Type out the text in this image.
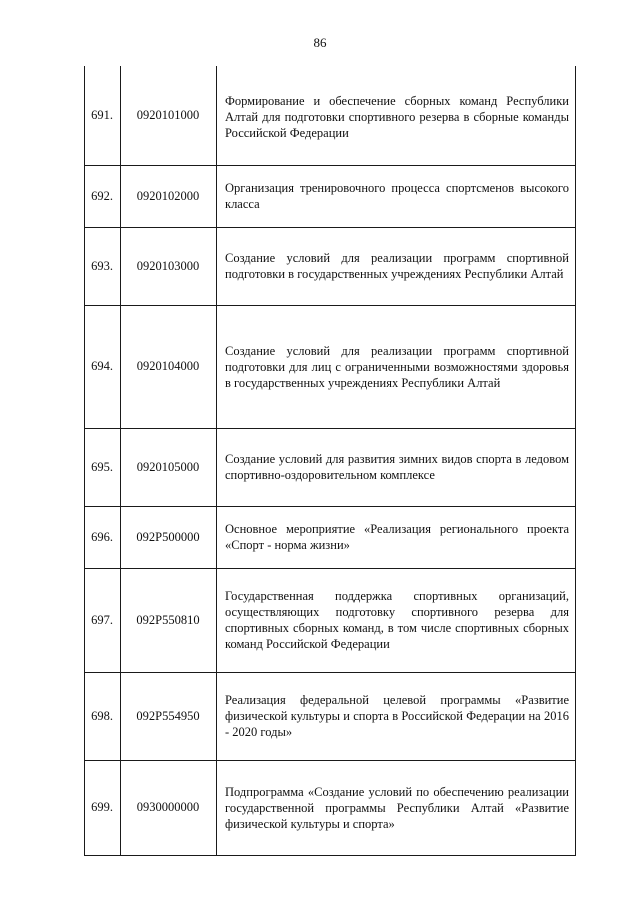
86
691.	0920101000
Формирование и обеспечение сборных команд Республики Алтай для подготовки спортивного резерва в сборные команды Российской Федерации
692.	0920102000
Организация тренировочного процесса спортсменов высокого класса
693.	0920103000
Создание условий для реализации программ спортивной подготовки в государственных учреждениях Республики Алтай
694.	0920104000
Создание условий для реализации программ спортивной подготовки для лиц с ограниченными возможностями здоровья в государственных учреждениях Республики Алтай
695.	0920105000
Создание условий для развития зимних видов спорта в ледовом спортивно-оздоровительном комплексе
696.	092P500000
Основное мероприятие «Реализация регионального проекта «Спорт - норма жизни»
697.	092P550810
Государственная поддержка спортивных организаций, осуществляющих подготовку спортивного резерва для спортивных сборных команд, в том числе спортивных сборных команд Российской Федерации
698.	092P554950
Реализация федеральной целевой программы «Развитие физической культуры и спорта в Российской Федерации на 2016 - 2020 годы»
699.	0930000000
Подпрограмма «Создание условий по обеспечению реализации государственной программы Республики Алтай «Развитие физической культуры и спорта»
